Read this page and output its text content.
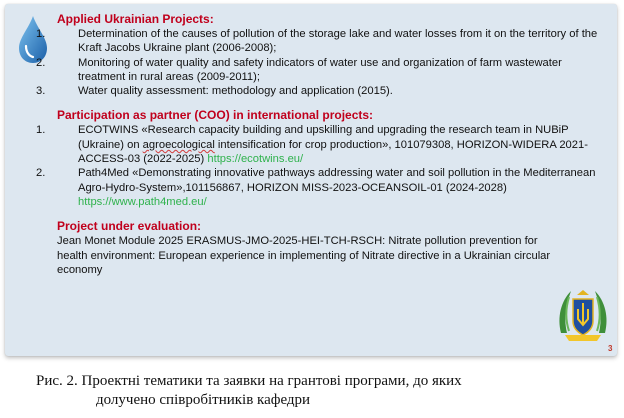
Applied Ukrainian Projects:
1.	Determination of the causes of pollution of the storage lake and water losses from it on the territory of the Kraft Jacobs Ukraine plant (2006-2008);
2.	Monitoring of water quality and safety indicators of water use and organization of farm wastewater treatment in rural areas (2009-2011);
3.	Water quality assessment: methodology and application (2015).
Participation as partner (COO) in international projects:
1.	ECOTWINS «Research capacity building and upskilling and upgrading the research team in NUBiP (Ukraine) on agroecological intensification for crop production», 101079308, HORIZON-WIDERA 2021-ACCESS-03 (2022-2025) https://ecotwins.eu/
2.	Path4Med «Demonstrating innovative pathways addressing water and soil pollution in the Mediterranean Agro-Hydro-System»,101156867, HORIZON MISS-2023-OCEANSOIL-01 (2024-2028) https://www.path4med.eu/
Project under evaluation:
Jean Monet Module 2025 ERASMUS-JMO-2025-HEI-TCH-RSCH: Nitrate pollution prevention for health environment: European experience in implementing of Nitrate directive in a Ukrainian circular economy
3
Рис. 2. Проектні тематики та заявки на грантові програми, до яких
долучено співробітників кафедри
